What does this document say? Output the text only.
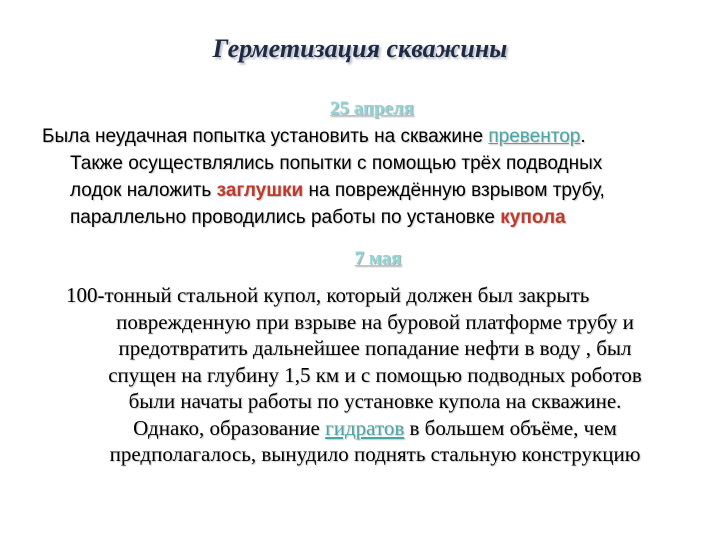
Герметизация скважины
25 апреля
Была неудачная попытка установить на скважине превентор.
Также осуществлялись попытки с помощью трёх подводных
лодок наложить заглушки на повреждённую взрывом трубу,
параллельно проводились работы по установке купола
7 мая
100-тонный стальной купол, который должен был закрыть
поврежденную при взрыве на буровой платформе трубу и
предотвратить дальнейшее попадание нефти в воду , был
спущен на глубину 1,5 км и с помощью подводных роботов
были начаты работы по установке купола на скважине.
Однако, образование гидратов в большем объёме, чем
предполагалось, вынудило поднять стальную конструкцию
